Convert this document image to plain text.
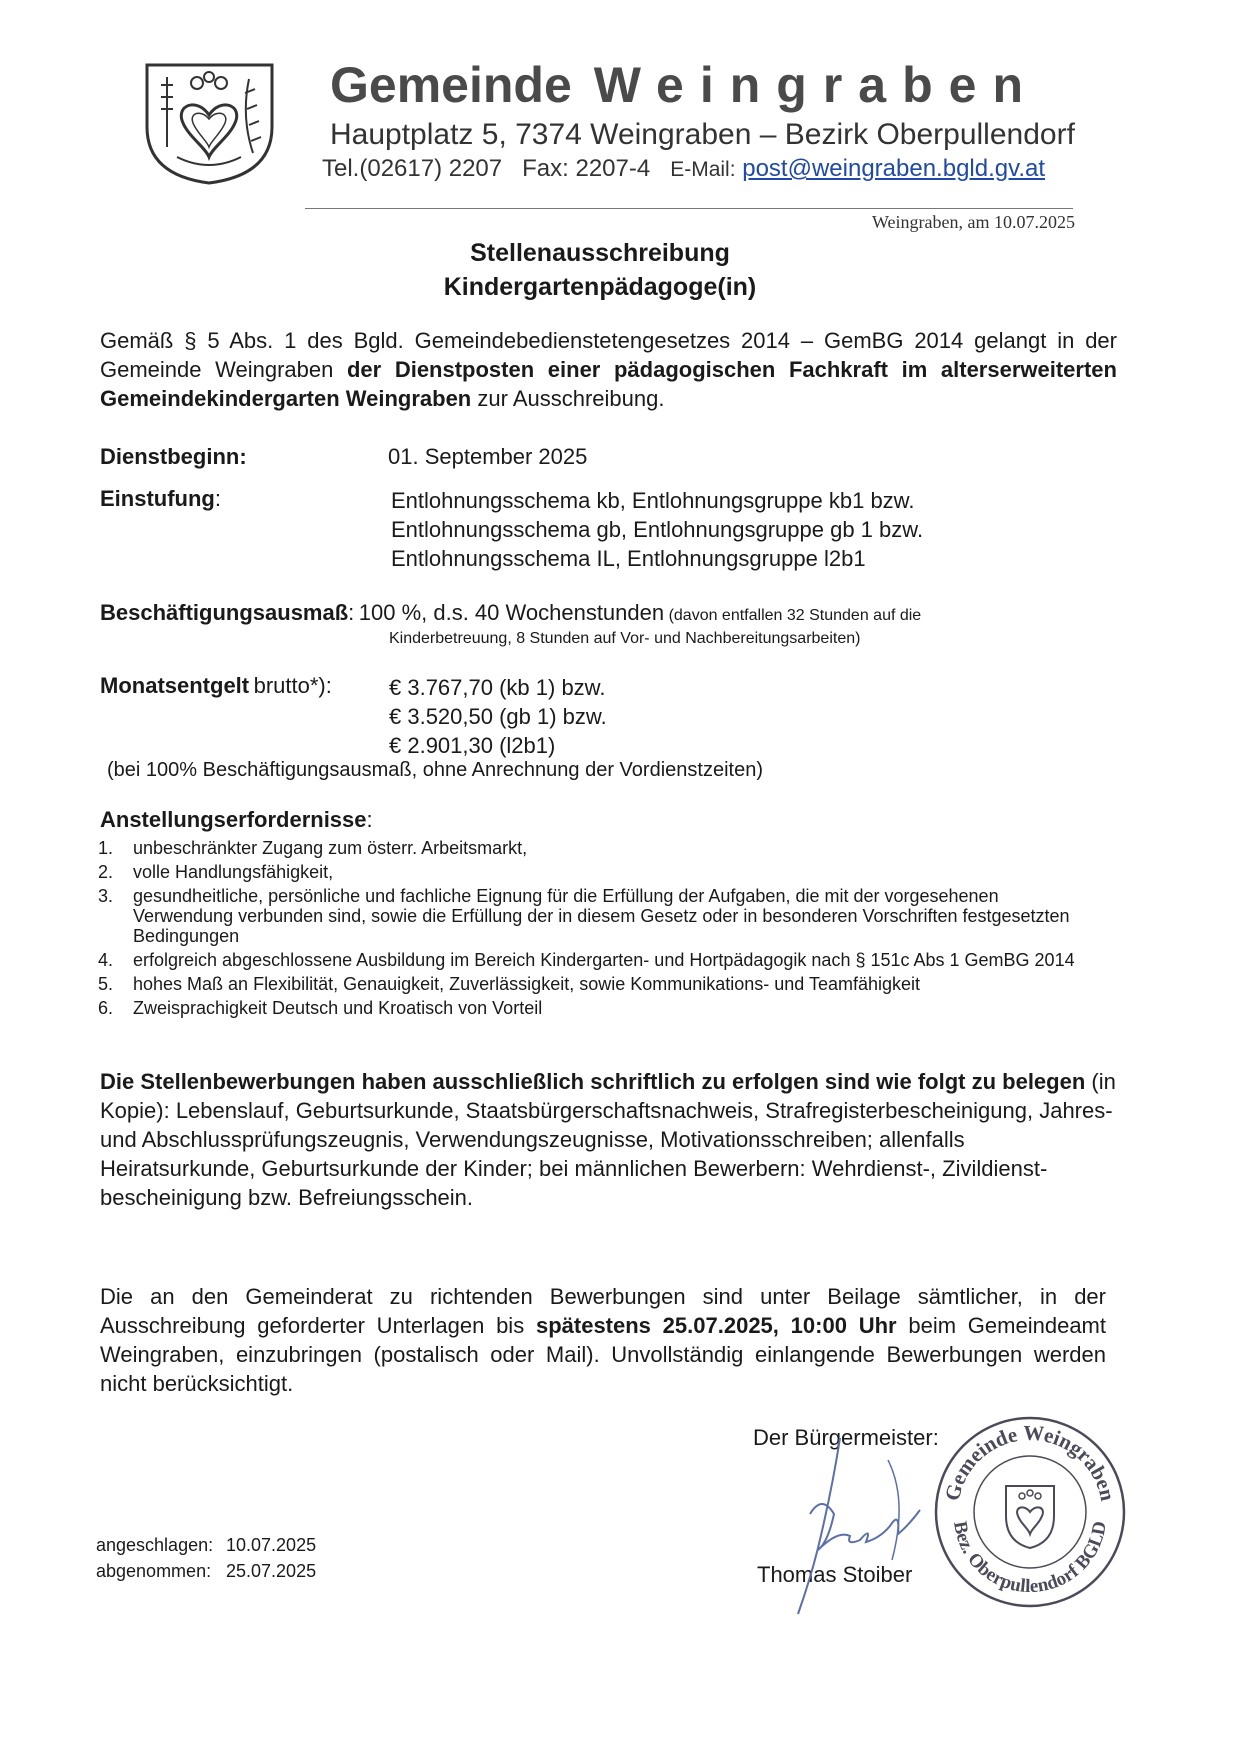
Gemeinde Weingraben
Hauptplatz 5, 7374 Weingraben – Bezirk Oberpullendorf
Tel.(02617) 2207 Fax: 2207-4 E-Mail: post@weingraben.bgld.gv.at
Weingraben, am 10.07.2025
Stellenausschreibung
Kindergartenpädagoge(in)
Gemäß § 5 Abs. 1 des Bgld. Gemeindebedienstetengesetzes 2014 – GemBG 2014 gelangt in der Gemeinde Weingraben der Dienstposten einer pädagogischen Fachkraft im alterserweiterten Gemeindekindergarten Weingraben zur Ausschreibung.
Dienstbeginn:	01. September 2025
Einstufung:	Entlohnungsschema kb, Entlohnungsgruppe kb1 bzw.
Entlohnungsschema gb, Entlohnungsgruppe gb 1 bzw.
Entlohnungsschema IL, Entlohnungsgruppe l2b1
Beschäftigungsausmaß: 100 %, d.s. 40 Wochenstunden (davon entfallen 32 Stunden auf die
Kinderbetreuung, 8 Stunden auf Vor- und Nachbereitungsarbeiten)
Monatsentgelt brutto*):	€ 3.767,70 (kb 1) bzw.
€ 3.520,50 (gb 1) bzw.
€ 2.901,30 (l2b1)
(bei 100% Beschäftigungsausmaß, ohne Anrechnung der Vordienstzeiten)
Anstellungserfordernisse:
1. unbeschränkter Zugang zum österr. Arbeitsmarkt,
2. volle Handlungsfähigkeit,
3. gesundheitliche, persönliche und fachliche Eignung für die Erfüllung der Aufgaben, die mit der vorgesehenen Verwendung verbunden sind, sowie die Erfüllung der in diesem Gesetz oder in besonderen Vorschriften festgesetzten Bedingungen
4. erfolgreich abgeschlossene Ausbildung im Bereich Kindergarten- und Hortpädagogik nach § 151c Abs 1 GemBG 2014
5. hohes Maß an Flexibilität, Genauigkeit, Zuverlässigkeit, sowie Kommunikations- und Teamfähigkeit
6. Zweisprachigkeit Deutsch und Kroatisch von Vorteil
Die Stellenbewerbungen haben ausschließlich schriftlich zu erfolgen sind wie folgt zu belegen (in Kopie): Lebenslauf, Geburtsurkunde, Staatsbürgerschaftsnachweis, Strafregisterbescheinigung, Jahres- und Abschlussprüfungszeugnis, Verwendungszeugnisse, Motivationsschreiben; allenfalls Heiratsurkunde, Geburtsurkunde der Kinder; bei männlichen Bewerbern: Wehrdienst-, Zivildienst-bescheinigung bzw. Befreiungsschein.
Die an den Gemeinderat zu richtenden Bewerbungen sind unter Beilage sämtlicher, in der Ausschreibung geforderter Unterlagen bis spätestens 25.07.2025, 10:00 Uhr beim Gemeindeamt Weingraben, einzubringen (postalisch oder Mail). Unvollständig einlangende Bewerbungen werden nicht berücksichtigt.
Der Bürgermeister:
Thomas Stoiber
Gemeinde Weingraben
Bez. Oberpullendorf BGLD
angeschlagen: 10.07.2025
abgenommen: 25.07.2025
